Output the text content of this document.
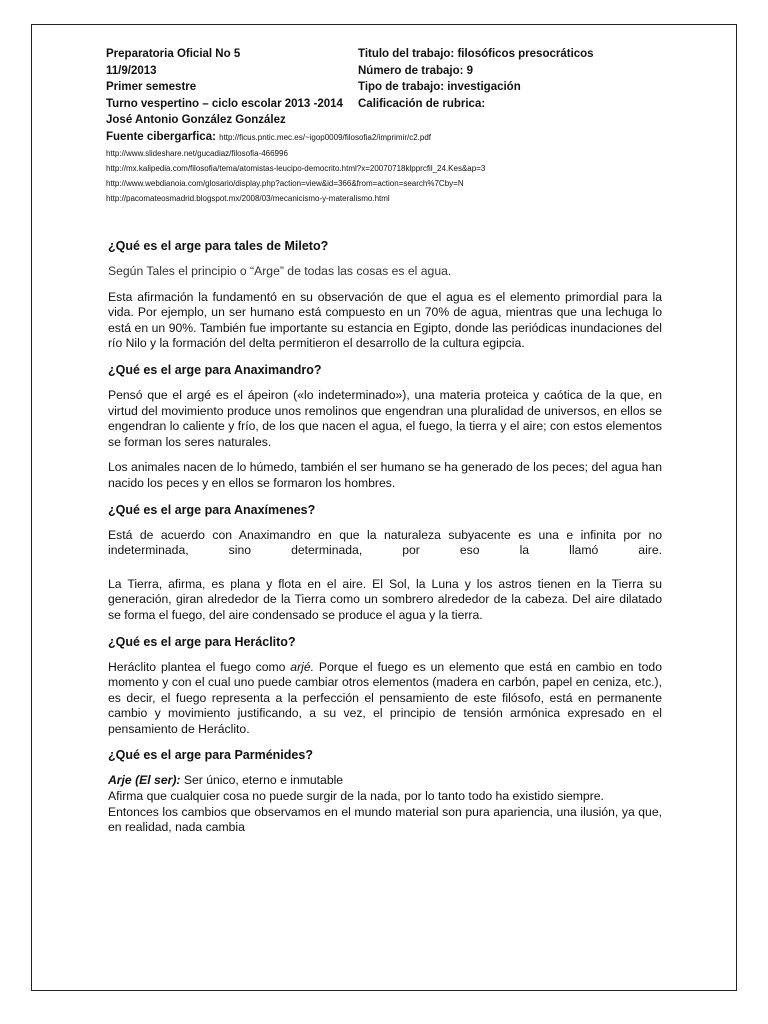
Preparatoria Oficial No 5	Titulo del trabajo: filosóficos presocráticos
11/9/2013	Número de trabajo: 9
Primer semestre	Tipo de trabajo: investigación
Turno vespertino – ciclo escolar 2013 -2014	Calificación de rubrica:
José Antonio González González
Fuente cibergarfica: http://ficus.pntic.mec.es/~igop0009/filosofia2/imprimir/c2.pdf
http://www.slideshare.net/gucadiaz/filosofia-466996
http://mx.kalipedia.com/filosofia/tema/atomistas-leucipo-democrito.html?x=20070718klpprcfil_24.Kes&ap=3
http://www.webdianoia.com/glosario/display.php?action=view&id=366&from=action=search%7Cby=N
http://pacomateosmadrid.blogspot.mx/2008/03/mecanicismo-y-materalismo.html
¿Qué es el arge para tales de Mileto?

Según Tales el principio o “Arge” de todas las cosas es el agua.

Esta afirmación la fundamentó en su observación de que el agua es el elemento primordial para la vida. Por ejemplo, un ser humano está compuesto en un 70% de agua, mientras que una lechuga lo está en un 90%. También fue importante su estancia en Egipto, donde las periódicas inundaciones del río Nilo y la formación del delta permitieron el desarrollo de la cultura egipcia.

¿Qué es el arge para Anaximandro?

Pensó que el argé es el ápeiron («lo indeterminado»), una materia proteica y caótica de la que, en virtud del movimiento produce unos remolinos que engendran una pluralidad de universos, en ellos se engendran lo caliente y frío, de los que nacen el agua, el fuego, la tierra y el aire; con estos elementos se forman los seres naturales.

Los animales nacen de lo húmedo, también el ser humano se ha generado de los peces; del agua han nacido los peces y en ellos se formaron los hombres.

¿Qué es el arge para Anaxímenes?

Está de acuerdo con Anaximandro en que la naturaleza subyacente es una e infinita por no indeterminada, sino determinada, por eso la llamó aire.

La Tierra, afirma, es plana y flota en el aire. El Sol, la Luna y los astros tienen en la Tierra su generación, giran alrededor de la Tierra como un sombrero alrededor de la cabeza. Del aire dilatado se forma el fuego, del aire condensado se produce el agua y la tierra.

¿Qué es el arge para Heráclito?

Heráclito plantea el fuego como arjé. Porque el fuego es un elemento que está en cambio en todo momento y con el cual uno puede cambiar otros elementos (madera en carbón, papel en ceniza, etc.), es decir, el fuego representa a la perfección el pensamiento de este filósofo, está en permanente cambio y movimiento justificando, a su vez, el principio de tensión armónica expresado en el pensamiento de Heráclito.

¿Qué es el arge para Parménides?

Arje (El ser): Ser único, eterno e inmutable

Afirma que cualquier cosa no puede surgir de la nada, por lo tanto todo ha existido siempre.

Entonces los cambios que observamos en el mundo material son pura apariencia, una ilusión, ya que, en realidad, nada cambia
